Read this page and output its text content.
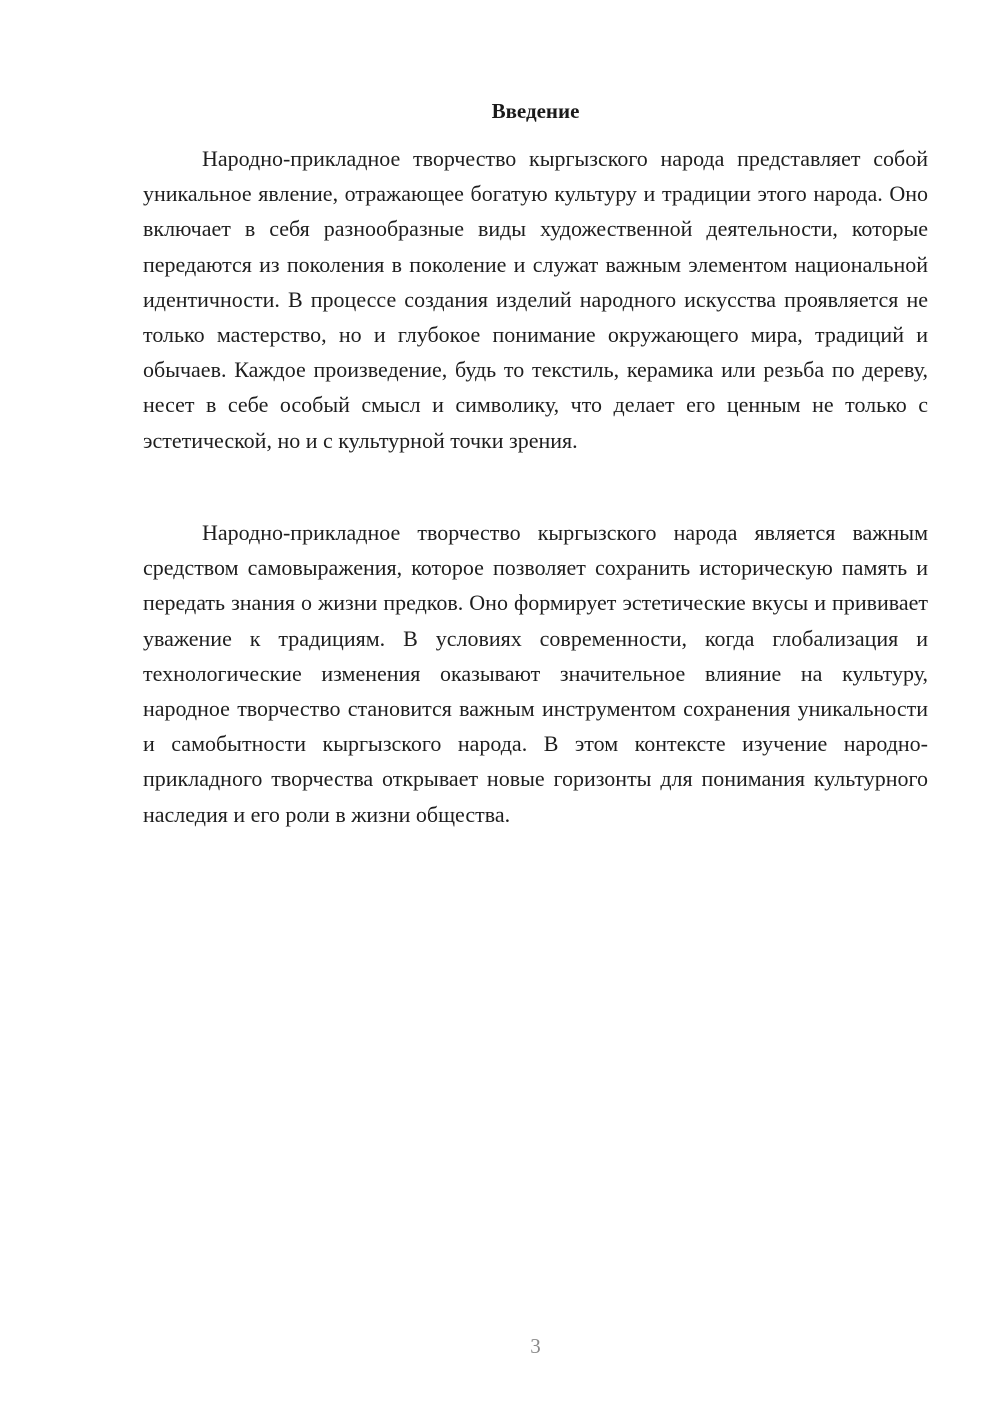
Введение

Народно-прикладное творчество кыргызского народа представляет собой уникальное явление, отражающее богатую культуру и традиции этого народа. Оно включает в себя разнообразные виды художественной деятельности, которые передаются из поколения в поколение и служат важным элементом национальной идентичности. В процессе создания изделий народного искусства проявляется не только мастерство, но и глубокое понимание окружающего мира, традиций и обычаев. Каждое произведение, будь то текстиль, керамика или резьба по дереву, несет в себе особый смысл и символику, что делает его ценным не только с эстетической, но и с культурной точки зрения.

Народно-прикладное творчество кыргызского народа является важным средством самовыражения, которое позволяет сохранить историческую память и передать знания о жизни предков. Оно формирует эстетические вкусы и прививает уважение к традициям. В условиях современности, когда глобализация и технологические изменения оказывают значительное влияние на культуру, народное творчество становится важным инструментом сохранения уникальности и самобытности кыргызского народа. В этом контексте изучение народно-прикладного творчества открывает новые горизонты для понимания культурного наследия и его роли в жизни общества.

3
